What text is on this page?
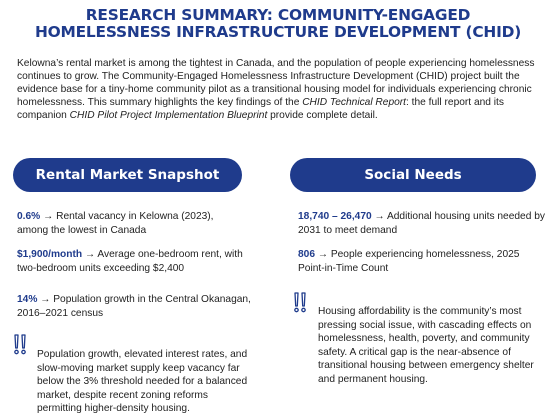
RESEARCH SUMMARY: COMMUNITY-ENGAGED
HOMELESSNESS INFRASTRUCTURE DEVELOPMENT (CHID)

Kelowna’s rental market is among the tightest in Canada, and the population of people experiencing homelessness continues to grow. The Community-Engaged Homelessness Infrastructure Development (CHID) project built the evidence base for a tiny-home community pilot as a transitional housing model for individuals experiencing chronic homelessness. This summary highlights the key findings of the CHID Technical Report: the full report and its companion CHID Pilot Project Implementation Blueprint provide complete detail.

Rental Market Snapshot

0.6% → Rental vacancy in Kelowna (2023), among the lowest in Canada

$1,900/month → Average one-bedroom rent, with two-bedroom units exceeding $2,400

14% → Population growth in the Central Okanagan, 2016–2021 census

Population growth, elevated interest rates, and slow-moving market supply keep vacancy far below the 3% threshold needed for a balanced market, despite recent zoning reforms permitting higher-density housing.

Social Needs

18,740 – 26,470 → Additional housing units needed by 2031 to meet demand

806 → People experiencing homelessness, 2025 Point-in-Time Count

Housing affordability is the community’s most pressing social issue, with cascading effects on homelessness, health, poverty, and community safety. A critical gap is the near-absence of transitional housing between emergency shelter and permanent housing.
